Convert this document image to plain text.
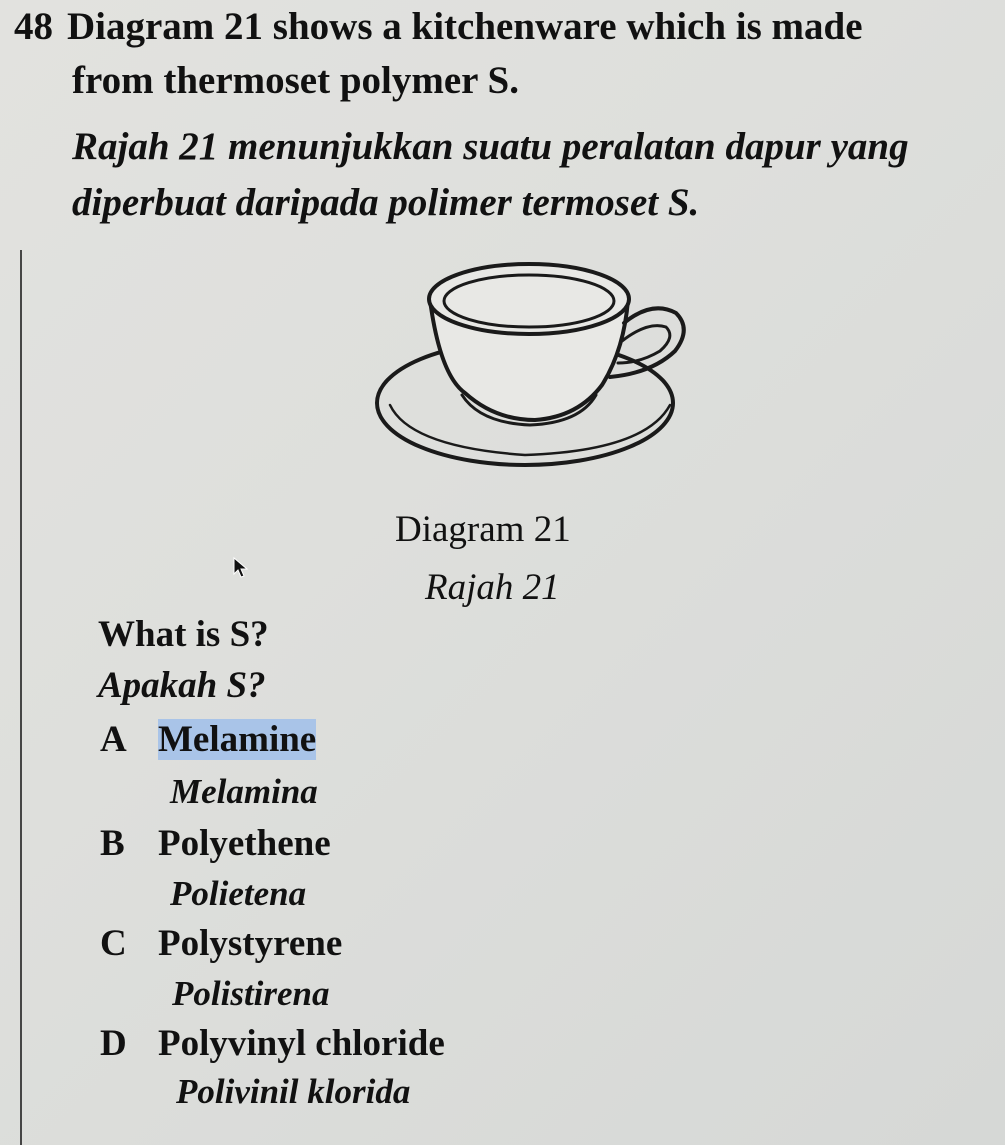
48 Diagram 21 shows a kitchenware which is made
from thermoset polymer S.
Rajah 21 menunjukkan suatu peralatan dapur yang
diperbuat daripada polimer termoset S.
Diagram 21
Rajah 21
What is S?
Apakah S?
A Melamine
Melamina
B Polyethene
Polietena
C Polystyrene
Polistirena
D Polyvinyl chloride
Polivinil klorida
